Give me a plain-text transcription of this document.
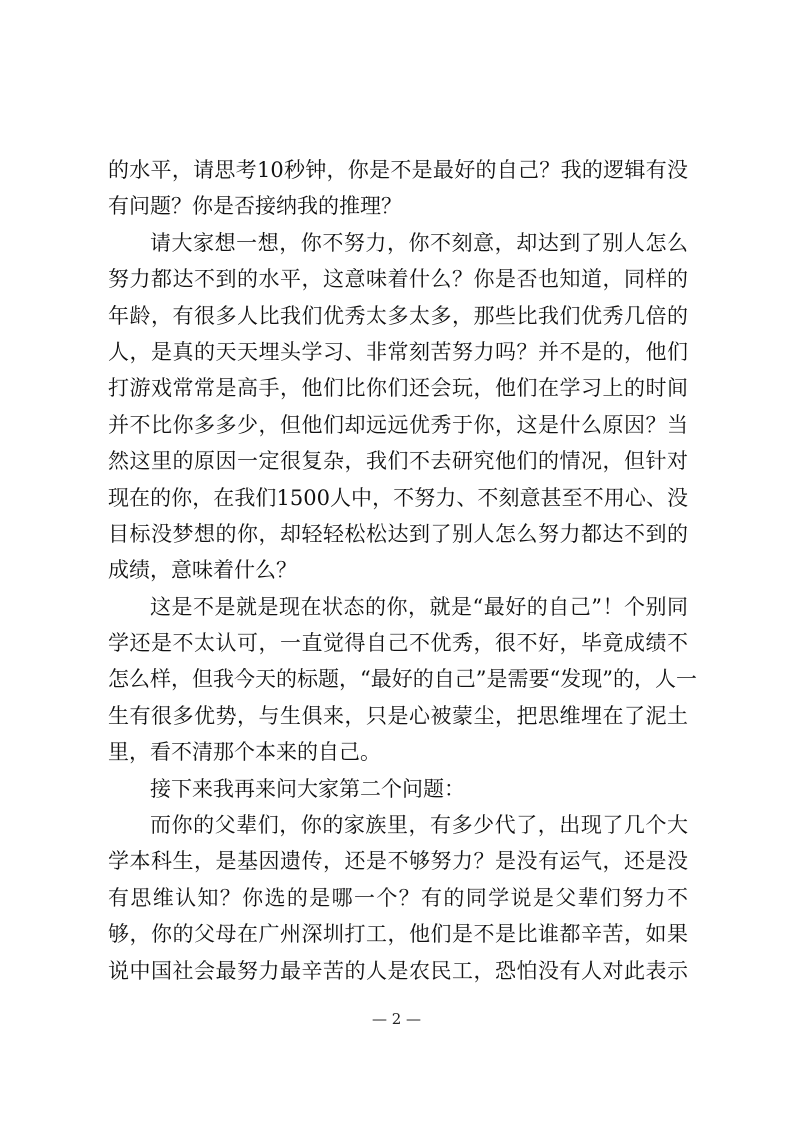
的水平，请思考10秒钟，你是不是最好的自己？我的逻辑有没
有问题？你是否接纳我的推理？
请大家想一想，你不努力，你不刻意，却达到了别人怎么
努力都达不到的水平，这意味着什么？你是否也知道，同样的
年龄，有很多人比我们优秀太多太多，那些比我们优秀几倍的
人，是真的天天埋头学习、非常刻苦努力吗？并不是的，他们
打游戏常常是高手，他们比你们还会玩，他们在学习上的时间
并不比你多多少，但他们却远远优秀于你，这是什么原因？当
然这里的原因一定很复杂，我们不去研究他们的情况，但针对
现在的你，在我们1500人中，不努力、不刻意甚至不用心、没
目标没梦想的你，却轻轻松松达到了别人怎么努力都达不到的
成绩，意味着什么？
这是不是就是现在状态的你，就是“最好的自己”！个别同
学还是不太认可，一直觉得自己不优秀，很不好，毕竟成绩不
怎么样，但我今天的标题，“最好的自己”是需要“发现”的，人一
生有很多优势，与生俱来，只是心被蒙尘，把思维埋在了泥土
里，看不清那个本来的自己。
接下来我再来问大家第二个问题：
而你的父辈们，你的家族里，有多少代了，出现了几个大
学本科生，是基因遗传，还是不够努力？是没有运气，还是没
有思维认知？你选的是哪一个？有的同学说是父辈们努力不
够，你的父母在广州深圳打工，他们是不是比谁都辛苦，如果
说中国社会最努力最辛苦的人是农民工，恐怕没有人对此表示
— 2 —
